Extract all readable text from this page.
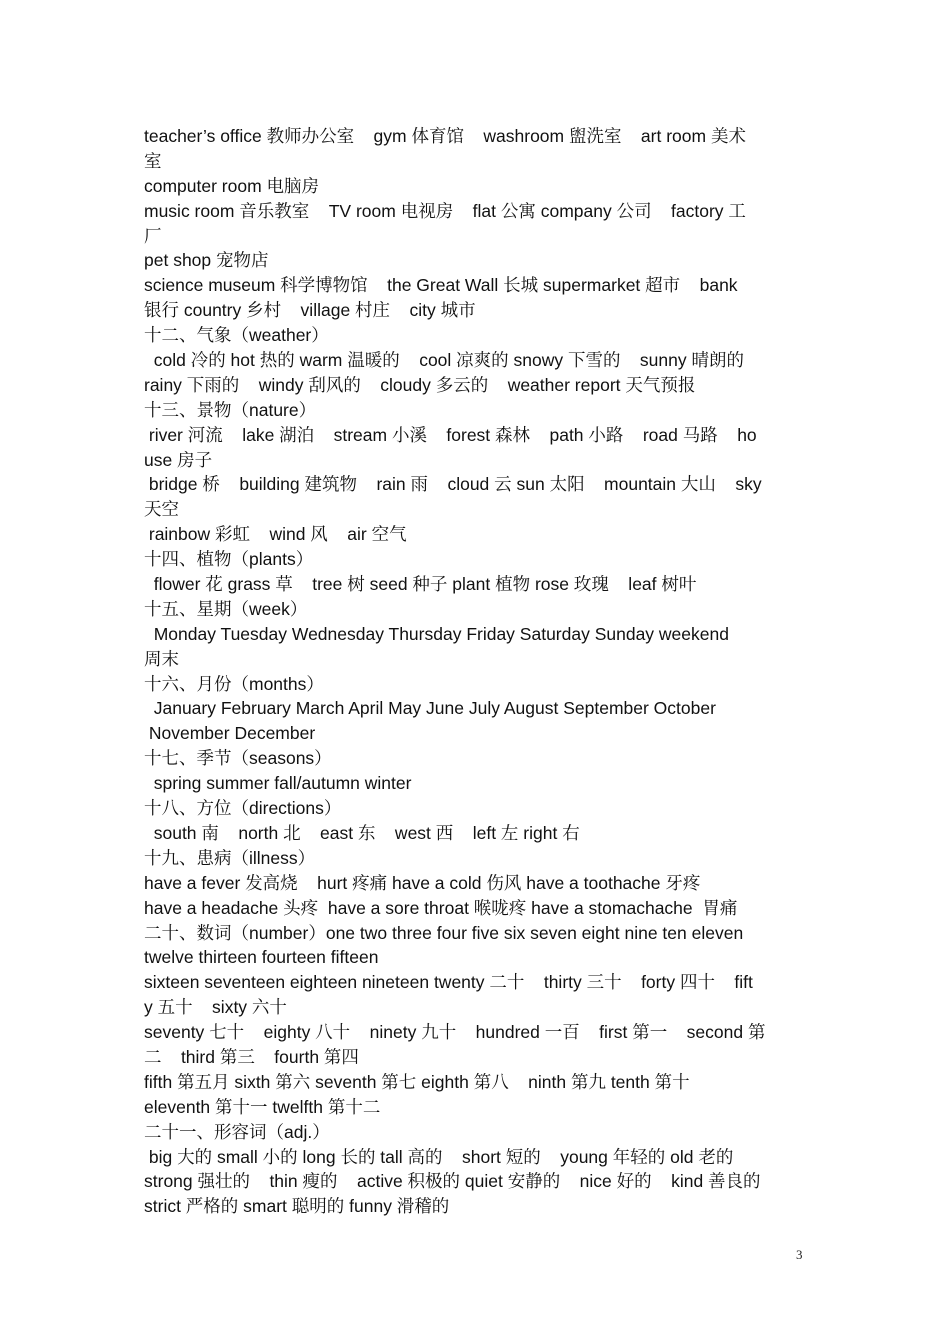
teacher’s office 教师办公室    gym 体育馆    washroom 盥洗室    art room 美术
室
computer room 电脑房
music room 音乐教室    TV room 电视房    flat 公寓 company 公司    factory 工
厂
pet shop 宠物店
science museum 科学博物馆    the Great Wall 长城 supermarket 超市    bank
银行 country 乡村    village 村庄    city 城市
十二、气象（weather）
cold 冷的 hot 热的 warm 温暖的    cool 凉爽的 snowy 下雪的    sunny 晴朗的
rainy 下雨的    windy 刮风的    cloudy 多云的    weather report 天气预报
十三、景物（nature）
river 河流    lake 湖泊    stream 小溪    forest 森林    path 小路    road 马路    ho
use 房子
bridge 桥    building 建筑物    rain 雨    cloud 云 sun 太阳    mountain 大山    sky
天空
rainbow 彩虹    wind 风    air 空气
十四、植物（plants）
flower 花 grass 草    tree 树 seed 种子 plant 植物 rose 玫瑰    leaf 树叶
十五、星期（week）
Monday Tuesday Wednesday Thursday Friday Saturday Sunday weekend
周末
十六、月份（months）
January February March April May June July August September October
November December
十七、季节（seasons）
spring summer fall/autumn winter
十八、方位（directions）
south 南    north 北    east 东    west 西    left 左 right 右
十九、患病（illness）
have a fever 发高烧    hurt 疼痛 have a cold 伤风 have a toothache 牙疼
have a headache 头疼  have a sore throat 喉咙疼 have a stomachache  胃痛
二十、数词（number）one two three four five six seven eight nine ten eleven
twelve thirteen fourteen fifteen
sixteen seventeen eighteen nineteen twenty 二十    thirty 三十    forty 四十    fift
y 五十    sixty 六十
seventy 七十    eighty 八十    ninety 九十    hundred 一百    first 第一    second 第
二    third 第三    fourth 第四
fifth 第五月 sixth 第六 seventh 第七 eighth 第八    ninth 第九 tenth 第十
eleventh 第十一 twelfth 第十二
二十一、形容词（adj.）
big 大的 small 小的 long 长的 tall 高的    short 短的    young 年轻的 old 老的
strong 强壮的    thin 瘦的    active 积极的 quiet 安静的    nice 好的    kind 善良的
strict 严格的 smart 聪明的 funny 滑稽的
3
